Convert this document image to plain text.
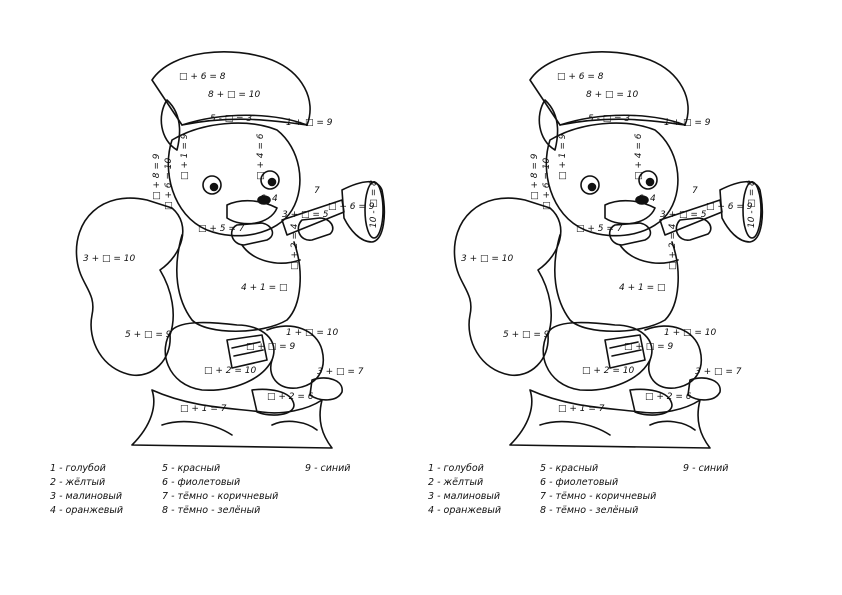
□ + 6 = 8
8 + □ = 10
5 - □ = 3	1 + □ = 9
□ + 8 = 9 □ + 6 = 10
□ + 1 = 9	□ + 4 = 6
10 - □ = 8
□ + 6 = 9
6 4
7
3 + □ = 5
□ + 5 = 7	□ + 2 = 4
4 + 1 = □
3 + □ = 10
5 + □ = 9	1 + □ = 10
□ + □ = 9
□ + 2 = 10	3 + □ = 7
□ + 2 = 6
□ + 1 = 7
1 - голубой
2 - жёлтый
3 - малиновый
4 - оранжевый
5 - красный
6 - фиолетовый
7 - тёмно - коричневый
8 - тёмно - зелёный
9 - синий
□ + 6 = 8
8 + □ = 10
5 - □ = 3	1 + □ = 9
□ + 8 = 9 □ + 6 = 10
□ + 1 = 9	□ + 4 = 6
10 - □ = 8
□ + 6 = 9
6 4
7
3 + □ = 5
□ + 5 = 7	□ + 2 = 4
4 + 1 = □
3 + □ = 10
5 + □ = 9	1 + □ = 10
□ + □ = 9
□ + 2 = 10	3 + □ = 7
□ + 2 = 6
□ + 1 = 7
1 - голубой
2 - жёлтый
3 - малиновый
4 - оранжевый
5 - красный
6 - фиолетовый
7 - тёмно - коричневый
8 - тёмно - зелёный
9 - синий
